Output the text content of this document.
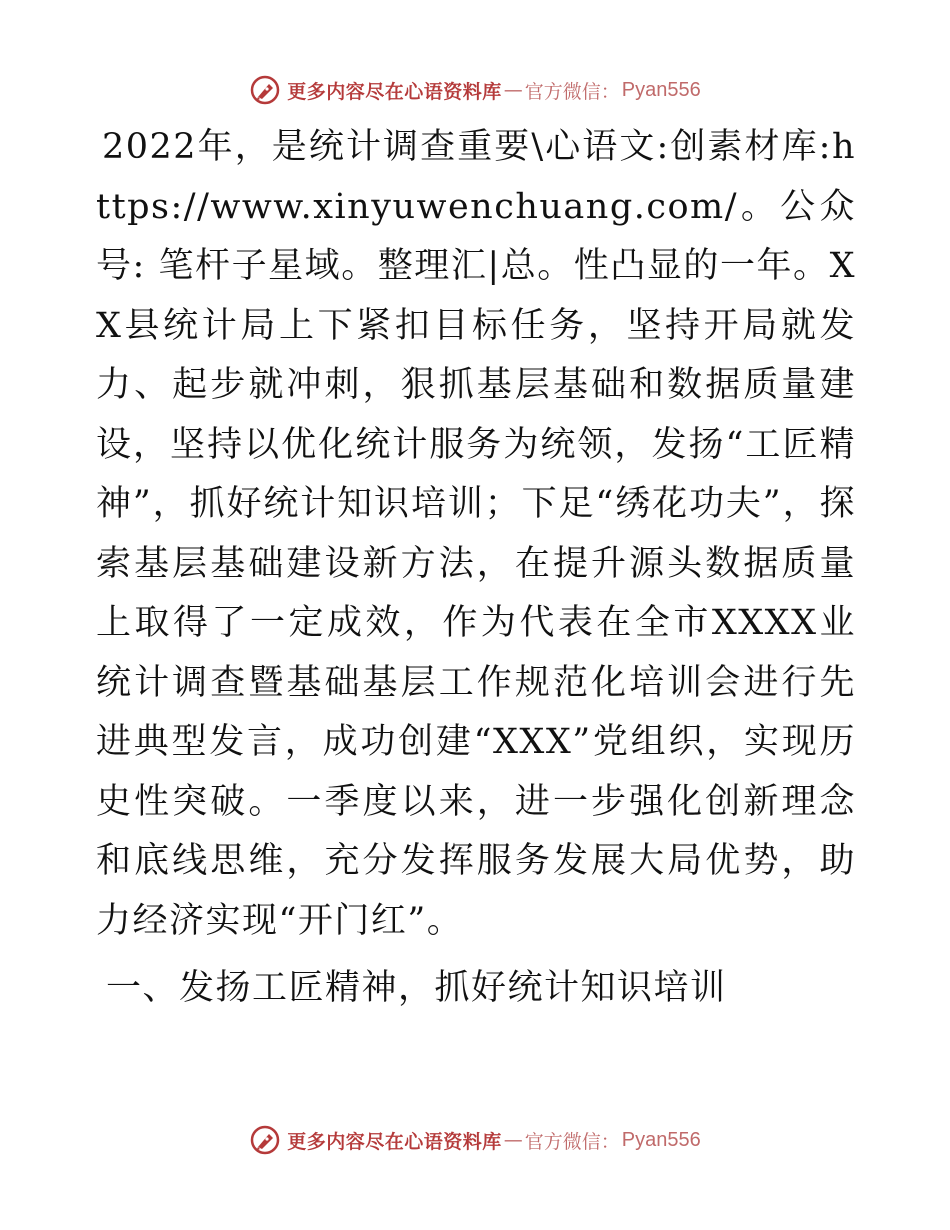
更多内容尽在心语资料库 — 官方微信： Pyan556

2022年，是统计调查重要\心语文:创素材库:https://www.xinyuwenchuang.com/。公众号: 笔杆子星域。整理汇|总。性凸显的一年。XX县统计局上下紧扣目标任务，坚持开局就发力、起步就冲刺，狠抓基层基础和数据质量建设，坚持以优化统计服务为统领，发扬“工匠精神”，抓好统计知识培训；下足“绣花功夫”，探索基层基础建设新方法，在提升源头数据质量上取得了一定成效，作为代表在全市XXXX业统计调查暨基础基层工作规范化培训会进行先进典型发言，成功创建“XXX”党组织，实现历史性突破。一季度以来，进一步强化创新理念和底线思维，充分发挥服务发展大局优势，助力经济实现“开门红”。

一、发扬工匠精神，抓好统计知识培训

更多内容尽在心语资料库 — 官方微信： Pyan556
